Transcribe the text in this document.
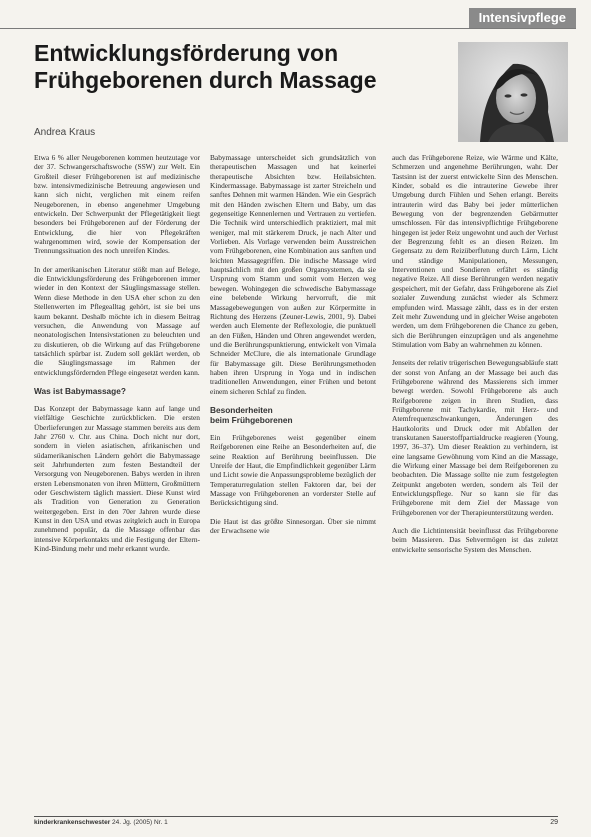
Intensivpflege
Entwicklungsförderung von
Frühgeborenen durch Massage
Andrea Kraus

Etwa 6 % aller Neugeborenen kommen heutzutage vor der 37. Schwangerschaftswoche (SSW) zur Welt. Ein Großteil dieser Frühgeborenen ist auf medizinische bzw. intensivmedizinische Betreuung angewiesen und kann sich nicht, verglichen mit einem reifen Neugeborenen, in ebenso angenehmer Umgebung entwickeln. Der Schwerpunkt der Pflegetätigkeit liegt besonders bei Frühgeborenen auf der Förderung der Entwicklung, die hier von Pflegekräften wahrgenommen wird, sowie der Kompensation der Trennungssituation des noch unreifen Kindes.

In der amerikanischen Literatur stößt man auf Belege, die Entwicklungsförderung des Frühgeborenen immer wieder in den Kontext der Säuglingsmassage stellen. Wenn diese Methode in den USA eher schon zu den Stellenwerten im Pflegealltag gehört, ist sie bei uns kaum bekannt. Deshalb möchte ich in diesem Beitrag versuchen, die Anwendung von Massage auf neonatologischen Intensivstationen zu beleuchten und zu diskutieren, ob die Wirkung auf das Frühgeborene tatsächlich spürbar ist. Zudem soll geklärt werden, ob die Säuglingsmassage im Rahmen der entwicklungsfördernden Pflege eingesetzt werden kann.

Was ist Babymassage?

Das Konzept der Babymassage kann auf lange und vielfältige Geschichte zurückblicken. Die ersten Überlieferungen zur Massage stammen bereits aus dem Jahr 2760 v. Chr. aus China. Doch nicht nur dort, sondern in vielen asiatischen, afrikanischen und südamerikanischen Ländern gehört die Babymassage seit Jahrhunderten zum festen Bestandteil der Versorgung von Neugeborenen. Babys werden in ihren ersten Lebensmonaten von ihren Müttern, Großmüttern oder Geschwistern täglich massiert. Diese Kunst wird als Tradition von Generation zu Generation weitergegeben. Erst in den 70er Jahren wurde diese Kunst in den USA und etwas zeitgleich auch in Europa zunehmend populär, da die Massage offenbar das intensive Körperkontakts und die Festigung der Eltern-Kind-Bindung mehr und mehr erkannt wurde.

Babymassage unterscheidet sich grundsätzlich von therapeutischen Massagen und hat keinerlei therapeutische Absichten bzw. Heilabsichten. Kindermassage. Babymassage ist zarter Streicheln und sanftes Dehnen mit warmen Händen. Wie ein Gespräch mit den Händen zwischen Eltern und Baby, um das gegenseitige Kennenlernen und Vertrauen zu vertiefen. Die Technik wird unterschiedlich praktiziert, mal mit weniger, mal mit stärkerem Druck, je nach Alter und Vorlieben. Als Vorlage verwenden beim Ausstreichen vom Frühgeborenen, eine Kombination aus sanften und leichten Massagegriffen. Die indische Massage wird hauptsächlich mit den großen Organsystemen, da sie Ursprung vom Stamm und somit vom Herzen weg bewegen. Wohingegen die schwedische Babymassage eine belebende Wirkung hervorruft, die mit Massagebewegungen von außen zur Körpermitte in Richtung des Herzens (Zeuner-Lewis, 2001, 9). Dabei werden auch Elemente der Reflexologie, die punktuell an den Füßen, Händen und Ohren angewendet werden, und die Berührungspunktierung, entwickelt von Vimala Schneider McClure, die als internationale Grundlage für Babymassage gilt. Diese Berührungsmethoden haben ihren Ursprung in Yoga und in indischen traditionellen Anwendungen, einer Frühen und betont einem sicheren Schlaf zu finden.

Besonderheiten
beim Frühgeborenen

Ein Frühgeborenes weist gegenüber einem Reifgeborenen eine Reihe an Besonderheiten auf, die seine Reaktion auf Berührung beeinflussen. Die Unreife der Haut, die Empfindlichkeit gegenüber Lärm und Licht sowie die Anpassungsprobleme bezüglich der Temperaturregulation stellen Faktoren dar, bei der Massage von Frühgeborenen an vorderster Stelle auf Berücksichtigung sind.

Die Haut ist das größte Sinnesorgan. Über sie nimmt der Erwachsene wie

auch das Frühgeborene Reize, wie Wärme und Kälte, Schmerzen und angenehme Berührungen, wahr. Der Tastsinn ist der zuerst entwickelte Sinn des Menschen. Kinder, sobald es die intrauterine Gewebe ihrer Umgebung durch Fühlen und Sehen erlangt. Bereits intrauterin wird das Baby bei jeder mütterlichen Bewegung von der begrenzenden Gebärmutter umschlossen. Für das intensivpflichtige Frühgeborene hingegen ist jeder Reiz ungewohnt und auch der Verlust der Begrenzung fehlt es an diesen Reizen. Im Gegensatz zu dem Reizüberflutung durch Lärm, Licht und ständige Manipulationen, Messungen, Interventionen und Sondieren erfährt es ständig negative Reize. All diese Berührungen werden negativ gespeichert, mit der Gefahr, dass Frühgeborene als Ziel sozialer Zuwendung zunächst wieder als Schmerz empfunden wird. Massage zählt, dass es in der ersten Zeit mehr Zuwendung und in gleicher Weise angeboten werden, um dem Frühgeborenen die Chance zu geben, sich die Berührungen einzuprägen und als angenehme Stimulation vom Baby an wahrnehmen zu können.

Jenseits der relativ trügerischen Bewegungsabläufe statt der sonst von Anfang an der Massage bei auch das Frühgeborene während des Massierens sich immer bewegt werden. Sowohl Frühgeborene als auch Reifgeborene zeigen in ihren Studien, dass Frühgeborene mit Tachykardie, mit Herz- und Atemfrequenzschwankungen, Änderungen des Hautkolorits und Druck oder mit Abfallen der transkutanen Sauerstoffpartialdrucke reagieren (Young, 1997, 36–37). Um dieser Reaktion zu verhindern, ist eine langsame Gewöhnung vom Kind an die Massage, die Wirkung einer Massage bei dem Reifgeborenen zu beobachten. Die Massage sollte nie zum festgelegten Zeitpunkt angeboten werden, sondern als Teil der Entwicklungspflege. Nur so kann sie für das Frühgeborene mit dem Ziel der Massage von Frühgeborenen vor der Therapieunterstützung werden.

Auch die Lichtintensität beeinflusst das Frühgeborene beim Massieren. Das Sehvermögen ist das zuletzt entwickelte sensorische System des Menschen.

kinderkrankenschwester 24. Jg. (2005) Nr. 1	29
